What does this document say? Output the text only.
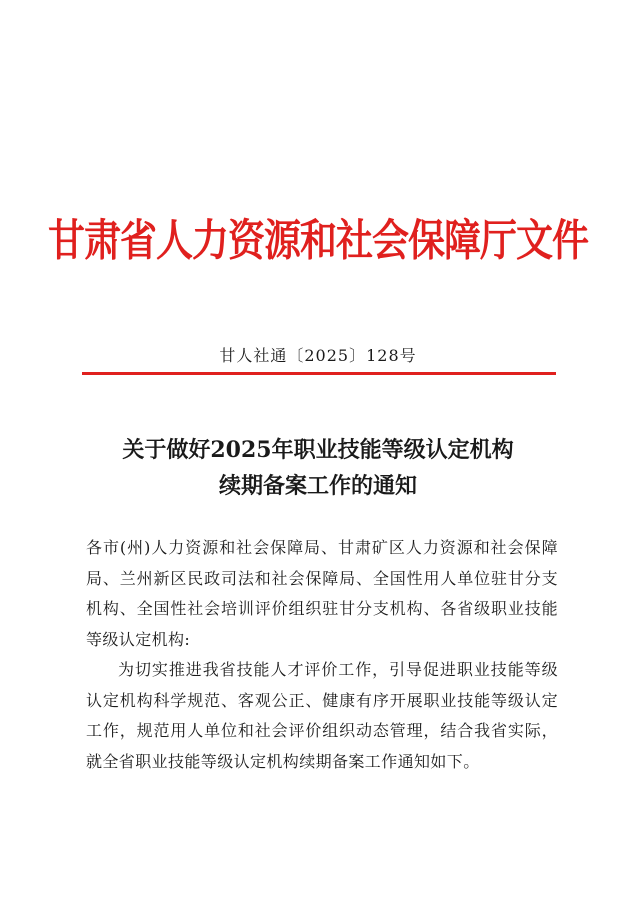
甘肃省人力资源和社会保障厅文件
甘人社通〔2025〕128号
关于做好2025年职业技能等级认定机构
续期备案工作的通知

各市(州)人力资源和社会保障局、甘肃矿区人力资源和社会保障局、兰州新区民政司法和社会保障局、全国性用人单位驻甘分支机构、全国性社会培训评价组织驻甘分支机构、各省级职业技能等级认定机构:

为切实推进我省技能人才评价工作，引导促进职业技能等级认定机构科学规范、客观公正、健康有序开展职业技能等级认定工作，规范用人单位和社会评价组织动态管理，结合我省实际，就全省职业技能等级认定机构续期备案工作通知如下。
